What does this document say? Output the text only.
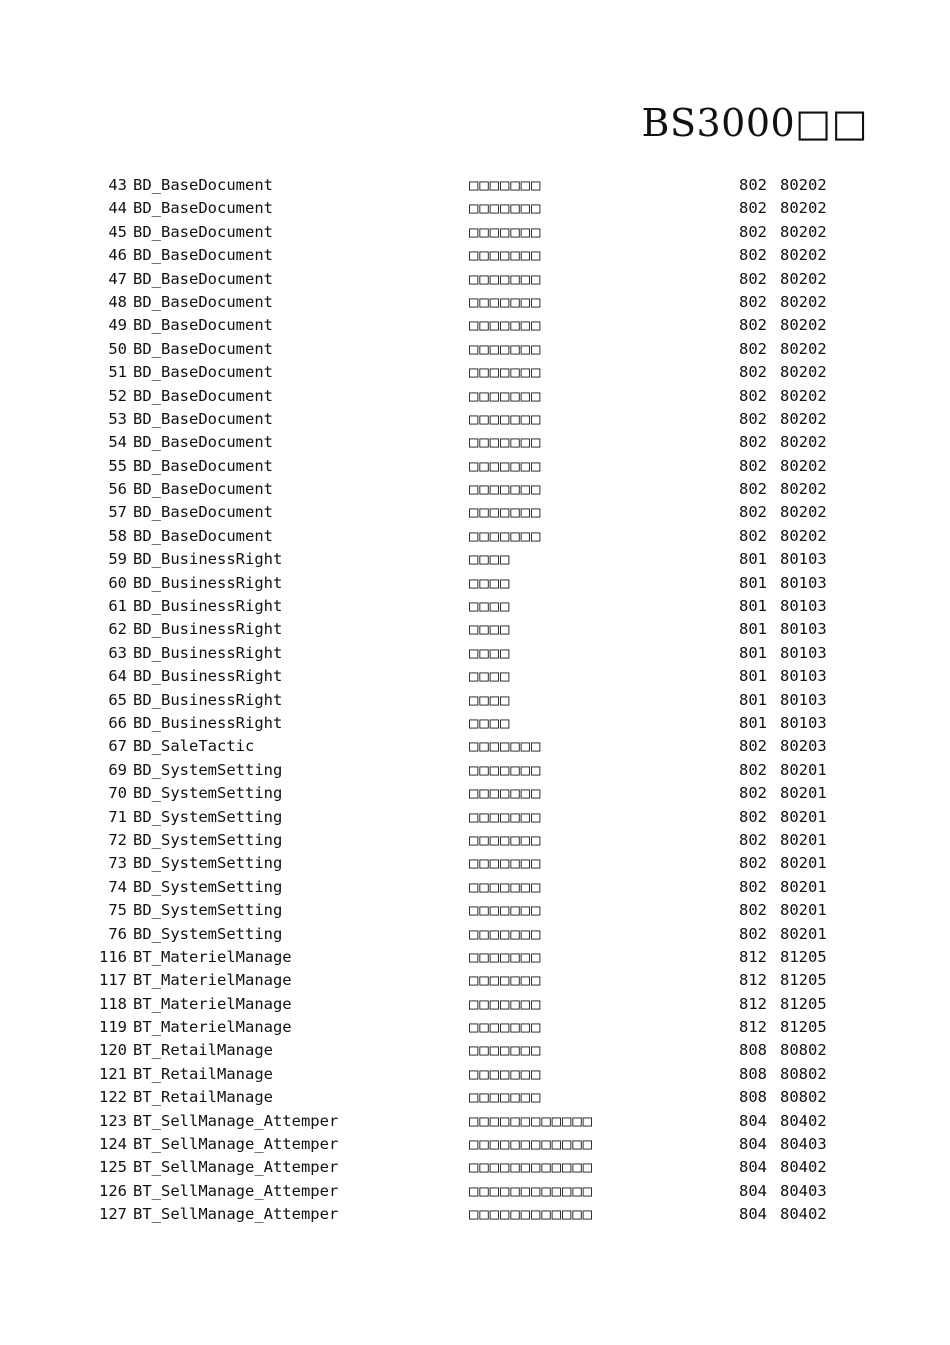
BS3000□□
43 BD_BaseDocument	□□□□□□□	802 80202
44 BD_BaseDocument	□□□□□□□	802 80202
45 BD_BaseDocument	□□□□□□□	802 80202
46 BD_BaseDocument	□□□□□□□	802 80202
47 BD_BaseDocument	□□□□□□□	802 80202
48 BD_BaseDocument	□□□□□□□	802 80202
49 BD_BaseDocument	□□□□□□□	802 80202
50 BD_BaseDocument	□□□□□□□	802 80202
51 BD_BaseDocument	□□□□□□□	802 80202
52 BD_BaseDocument	□□□□□□□	802 80202
53 BD_BaseDocument	□□□□□□□	802 80202
54 BD_BaseDocument	□□□□□□□	802 80202
55 BD_BaseDocument	□□□□□□□	802 80202
56 BD_BaseDocument	□□□□□□□	802 80202
57 BD_BaseDocument	□□□□□□□	802 80202
58 BD_BaseDocument	□□□□□□□	802 80202
59 BD_BusinessRight	□□□□	801 80103
60 BD_BusinessRight	□□□□	801 80103
61 BD_BusinessRight	□□□□	801 80103
62 BD_BusinessRight	□□□□	801 80103
63 BD_BusinessRight	□□□□	801 80103
64 BD_BusinessRight	□□□□	801 80103
65 BD_BusinessRight	□□□□	801 80103
66 BD_BusinessRight	□□□□	801 80103
67 BD_SaleTactic	□□□□□□□	802 80203
69 BD_SystemSetting	□□□□□□□	802 80201
70 BD_SystemSetting	□□□□□□□	802 80201
71 BD_SystemSetting	□□□□□□□	802 80201
72 BD_SystemSetting	□□□□□□□	802 80201
73 BD_SystemSetting	□□□□□□□	802 80201
74 BD_SystemSetting	□□□□□□□	802 80201
75 BD_SystemSetting	□□□□□□□	802 80201
76 BD_SystemSetting	□□□□□□□	802 80201
116 BT_MaterielManage	□□□□□□□	812 81205
117 BT_MaterielManage	□□□□□□□	812 81205
118 BT_MaterielManage	□□□□□□□	812 81205
119 BT_MaterielManage	□□□□□□□	812 81205
120 BT_RetailManage	□□□□□□□	808 80802
121 BT_RetailManage	□□□□□□□	808 80802
122 BT_RetailManage	□□□□□□□	808 80802
123 BT_SellManage_Attemper	□□□□□□□□□□□□	804 80402
124 BT_SellManage_Attemper	□□□□□□□□□□□□	804 80403
125 BT_SellManage_Attemper	□□□□□□□□□□□□	804 80402
126 BT_SellManage_Attemper	□□□□□□□□□□□□	804 80403
127 BT_SellManage_Attemper	□□□□□□□□□□□□	804 80402
